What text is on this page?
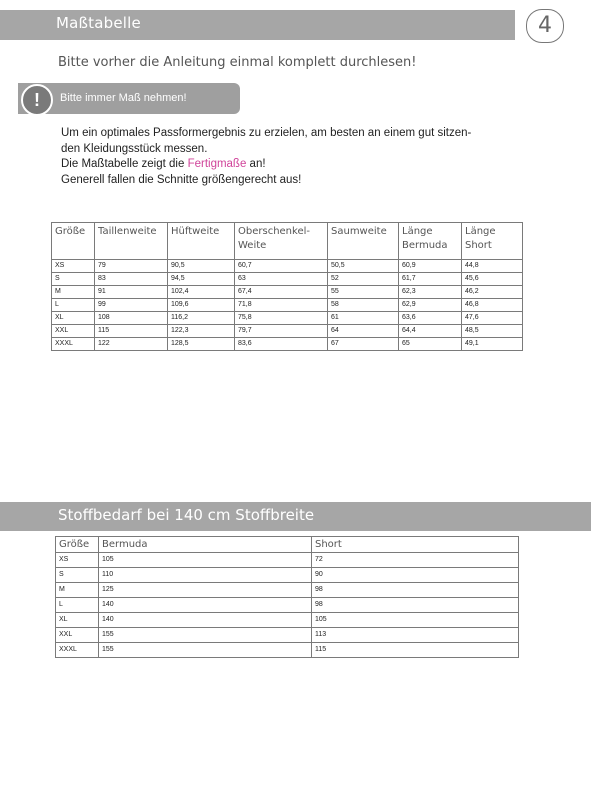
Maßtabelle	4
Bitte vorher die Anleitung einmal komplett durchlesen!
!	Bitte immer Maß nehmen!

Um ein optimales Passformergebnis zu erzielen, am besten an einem gut sitzen-

den Kleidungsstück messen.

Die Maßtabelle zeigt die Fertigmaße an!

Generell fallen die Schnitte größengerecht aus!

Größe	Taillenweite	Hüftweite	Oberschenkel-Weite	Saumweite	Länge Bermuda	Länge Short
XS	79	90,5	60,7	50,5	60,9	44,8
S	83	94,5	63	52	61,7	45,6
M	91	102,4	67,4	55	62,3	46,2
L	99	109,6	71,8	58	62,9	46,8
XL	108	116,2	75,8	61	63,6	47,6
XXL	115	122,3	79,7	64	64,4	48,5
XXXL	122	128,5	83,6	67	65	49,1
Stoffbedarf bei 140 cm Stoffbreite
Größe	Bermuda	Short
XS	105	72
S	110	90
M	125	98
L	140	98
XL	140	105
XXL	155	113
XXXL	155	115
